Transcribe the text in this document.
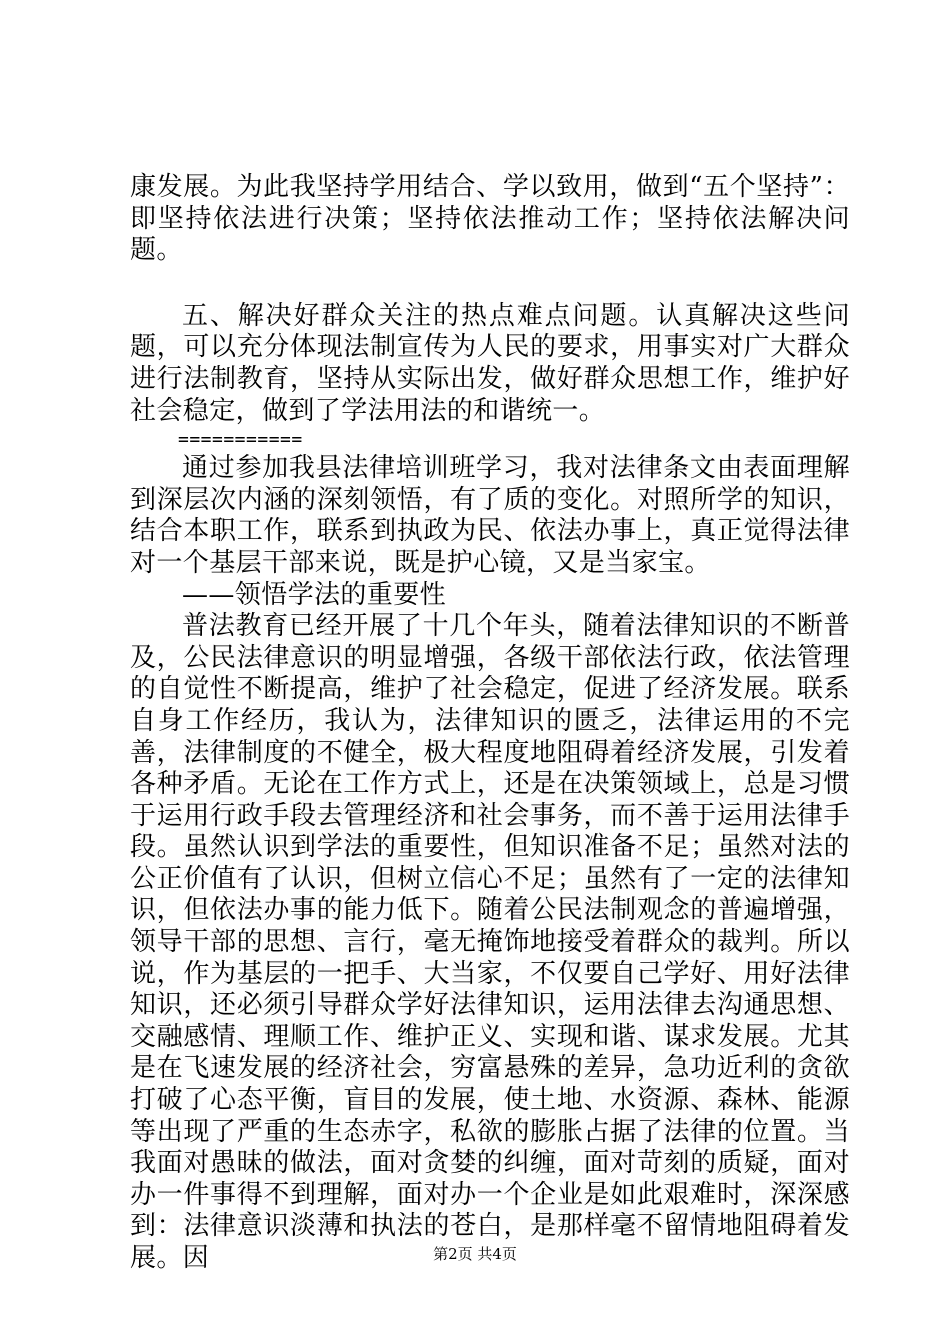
康发展。为此我坚持学用结合、学以致用，做到“五个坚持”：即坚持依法进行决策；坚持依法推动工作；坚持依法解决问题。

五、解决好群众关注的热点难点问题。认真解决这些问题，可以充分体现法制宣传为人民的要求，用事实对广大群众进行法制教育，坚持从实际出发，做好群众思想工作，维护好社会稳定，做到了学法用法的和谐统一。

===========

通过参加我县法律培训班学习，我对法律条文由表面理解到深层次内涵的深刻领悟，有了质的变化。对照所学的知识，结合本职工作，联系到执政为民、依法办事上，真正觉得法律对一个基层干部来说，既是护心镜，又是当家宝。

——领悟学法的重要性

普法教育已经开展了十几个年头，随着法律知识的不断普及，公民法律意识的明显增强，各级干部依法行政，依法管理的自觉性不断提高，维护了社会稳定，促进了经济发展。联系自身工作经历，我认为，法律知识的匮乏，法律运用的不完善，法律制度的不健全，极大程度地阻碍着经济发展，引发着各种矛盾。无论在工作方式上，还是在决策领域上，总是习惯于运用行政手段去管理经济和社会事务，而不善于运用法律手段。虽然认识到学法的重要性，但知识准备不足；虽然对法的公正价值有了认识，但树立信心不足；虽然有了一定的法律知识，但依法办事的能力低下。随着公民法制观念的普遍增强，领导干部的思想、言行，毫无掩饰地接受着群众的裁判。所以说，作为基层的一把手、大当家，不仅要自己学好、用好法律知识，还必须引导群众学好法律知识，运用法律去沟通思想、交融感情、理顺工作、维护正义、实现和谐、谋求发展。尤其是在飞速发展的经济社会，穷富悬殊的差异，急功近利的贪欲打破了心态平衡，盲目的发展，使土地、水资源、森林、能源等出现了严重的生态赤字，私欲的膨胀占据了法律的位置。当我面对愚昧的做法，面对贪婪的纠缠，面对苛刻的质疑，面对办一件事得不到理解，面对办一个企业是如此艰难时，深深感到：法律意识淡薄和执法的苍白，是那样毫不留情地阻碍着发展。因	第2页 共4页
